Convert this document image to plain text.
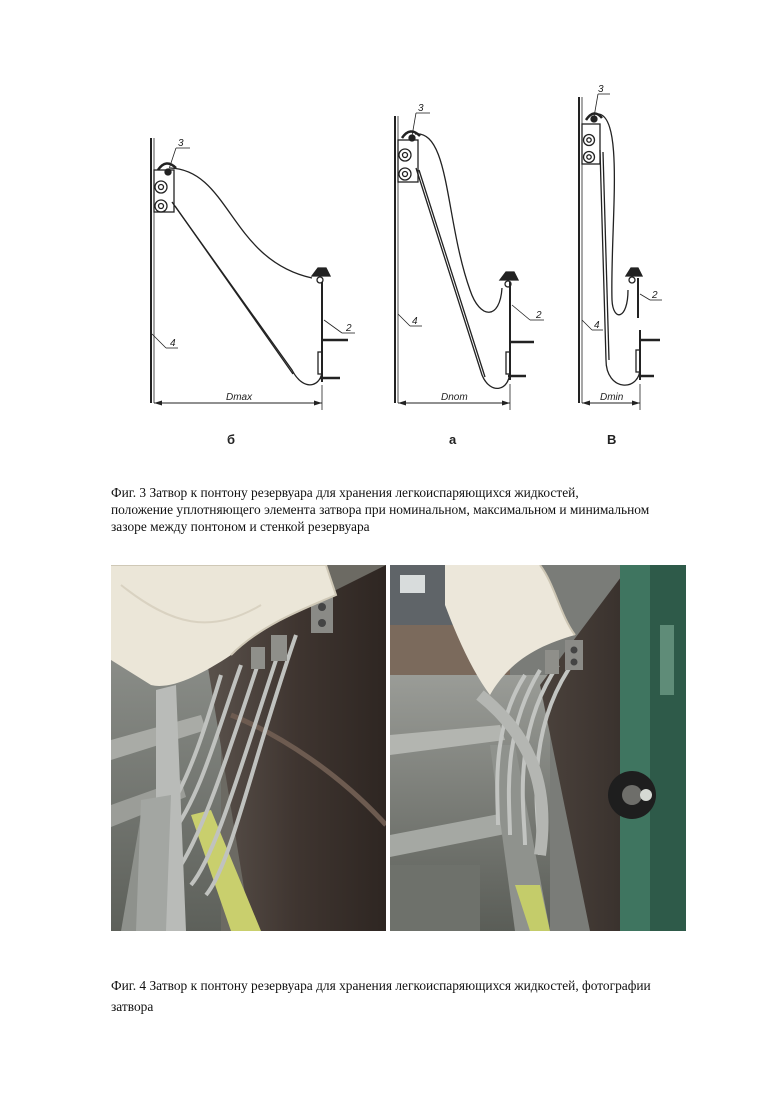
3
2
4
Dmax
3
4
2
Dnom
3
2
4
Dmin
б	а	В

Фиг. 3 Затвор к понтону резервуара для хранения легкоиспаряющихся жидкостей,

положение уплотняющего элемента затвора при номинальном, максимальном и минимальном

зазоре между понтоном и стенкой резервуара

Фиг. 4 Затвор к понтону резервуара для хранения легкоиспаряющихся жидкостей, фотографии

затвора
